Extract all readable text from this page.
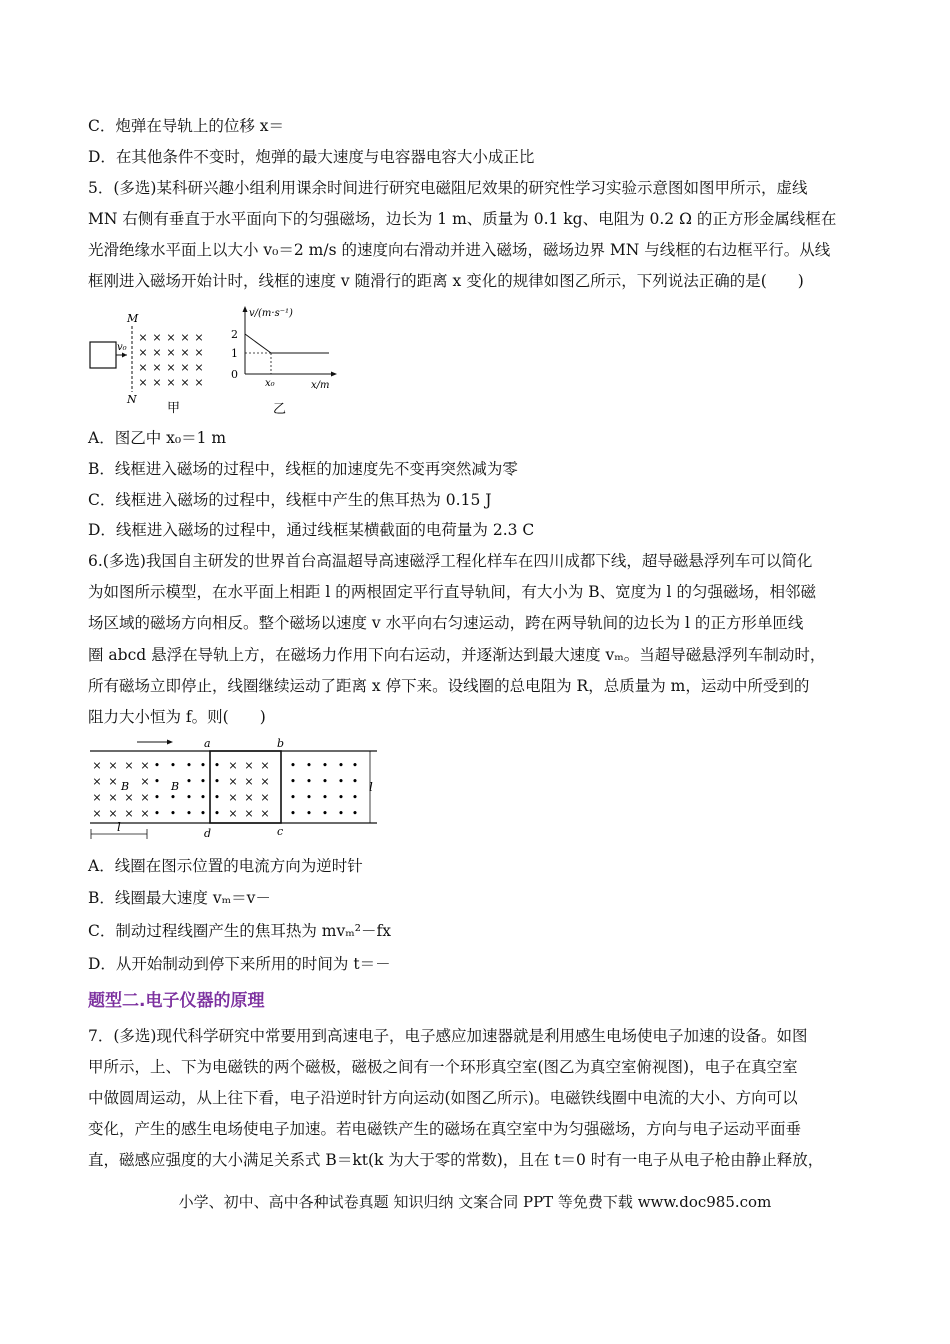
C．炮弹在导轨上的位移 x＝
D．在其他条件不变时，炮弹的最大速度与电容器电容大小成正比
5．(多选)某科研兴趣小组利用课余时间进行研究电磁阻尼效果的研究性学习实验示意图如图甲所示，虚线
MN 右侧有垂直于水平面向下的匀强磁场，边长为 1 m、质量为 0.1 kg、电阻为 0.2 Ω 的正方形金属线框在
光滑绝缘水平面上以大小 v₀＝2 m/s 的速度向右滑动并进入磁场，磁场边界 MN 与线框的右边框平行。从线
框刚进入磁场开始计时，线框的速度 v 随滑行的距离 x 变化的规律如图乙所示，下列说法正确的是(　　)
v₀
M
N
× × × × ×
× × × × ×
× × × × ×
× × × × ×
甲
v/(m·s⁻¹)
x/m
2
1
0
x₀
乙
A．图乙中 x₀＝1 m
B．线框进入磁场的过程中，线框的加速度先不变再突然减为零
C．线框进入磁场的过程中，线框中产生的焦耳热为 0.15 J
D．线框进入磁场的过程中，通过线框某横截面的电荷量为 2.3 C
6.(多选)我国自主研发的世界首台高温超导高速磁浮工程化样车在四川成都下线，超导磁悬浮列车可以简化
为如图所示模型，在水平面上相距 l 的两根固定平行直导轨间，有大小为 B、宽度为 l 的匀强磁场，相邻磁
场区域的磁场方向相反。整个磁场以速度 v 水平向右匀速运动，跨在两导轨间的边长为 l 的正方形单匝线
圈 abcd 悬浮在导轨上方，在磁场力作用下向右运动，并逐渐达到最大速度 vₘ。当超导磁悬浮列车制动时，
所有磁场立即停止，线圈继续运动了距离 x 停下来。设线圈的总电阻为 R，总质量为 m，运动中所受到的
阻力大小恒为 f。则(　　)
× × × × • • • • • × × × • • • • •
× × × • • • • × × × • • • • •
× × × × • • • • • × × × • • • • •
× × × × • • • • • × × × • • • • •
a	b
c
d
B	B	l
l
A．线圈在图示位置的电流方向为逆时针
B．线圈最大速度 vₘ＝v－
C．制动过程线圈产生的焦耳热为 mvₘ²－fx
D．从开始制动到停下来所用的时间为 t＝－
题型二.电子仪器的原理
7．(多选)现代科学研究中常要用到高速电子，电子感应加速器就是利用感生电场使电子加速的设备。如图
甲所示，上、下为电磁铁的两个磁极，磁极之间有一个环形真空室(图乙为真空室俯视图)，电子在真空室
中做圆周运动，从上往下看，电子沿逆时针方向运动(如图乙所示)。电磁铁线圈中电流的大小、方向可以
变化，产生的感生电场使电子加速。若电磁铁产生的磁场在真空室中为匀强磁场，方向与电子运动平面垂
直，磁感应强度的大小满足关系式 B＝kt(k 为大于零的常数)，且在 t＝0 时有一电子从电子枪由静止释放，
小学、初中、高中各种试卷真题 知识归纳 文案合同 PPT 等免费下载 www.doc985.com
